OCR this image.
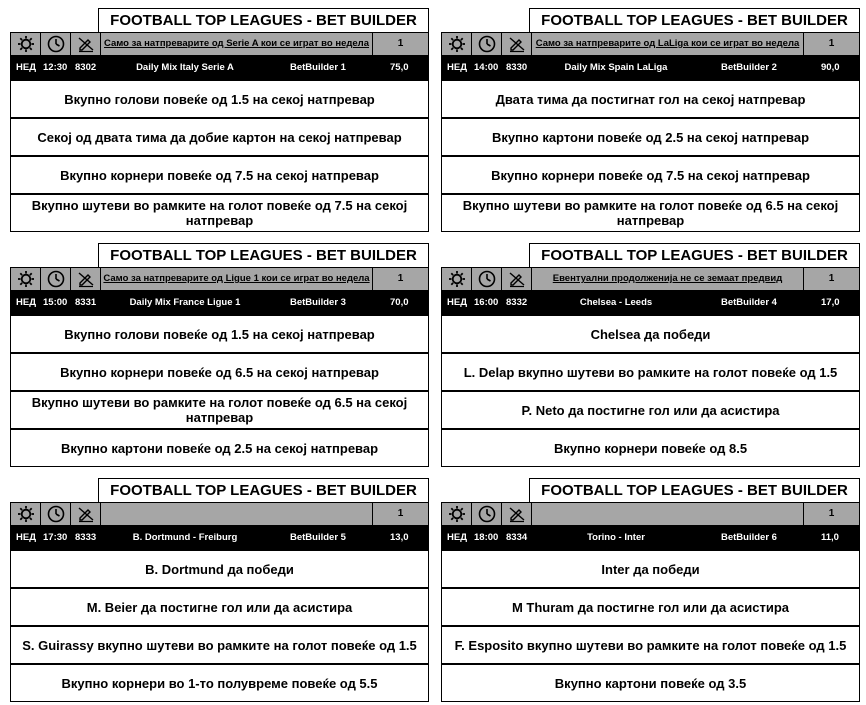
FOOTBALL TOP LEAGUES - BET BUILDER
Само за натпреварите од Serie A кои се играт во недела	1
НЕД 12:30 8302	Daily Mix Italy Serie A	BetBuilder 1	75,0
Вкупно голови повеќе од 1.5 на секој натпревар
Секој од двата тима да добие картон на секој натпревар
Вкупно корнери повеќе од 7.5 на секој натпревар
Вкупно шутеви во рамките на голот повеќе од 7.5 на секој натпревар
FOOTBALL TOP LEAGUES - BET BUILDER
Само за натпреварите од LaLiga кои се играт во недела	1
НЕД 14:00 8330	Daily Mix Spain LaLiga	BetBuilder 2	90,0
Двата тима да постигнат гол на секој натпревар
Вкупно картони повеќе од 2.5 на секој натпревар
Вкупно корнери повеќе од 7.5 на секој натпревар
Вкупно шутеви во рамките на голот повеќе од 6.5 на секој натпревар
FOOTBALL TOP LEAGUES - BET BUILDER
Само за натпреварите од Ligue 1 кои се играт во недела	1
НЕД 15:00 8331	Daily Mix France Ligue 1	BetBuilder 3	70,0
Вкупно голови повеќе од 1.5 на секој натпревар
Вкупно корнери повеќе од 6.5 на секој натпревар
Вкупно шутеви во рамките на голот повеќе од 6.5 на секој натпревар
Вкупно картони повеќе од 2.5 на секој натпревар
FOOTBALL TOP LEAGUES - BET BUILDER
Евентуални продолженија не се земаат предвид	1
НЕД 16:00 8332	Chelsea - Leeds	BetBuilder 4	17,0
Chelsea да победи
L. Delap вкупно шутеви во рамките на голот повеќе од 1.5
P. Neto да постигне гол или да асистира
Вкупно корнери повеќе од 8.5
FOOTBALL TOP LEAGUES - BET BUILDER
1
НЕД 17:30 8333	B. Dortmund - Freiburg	BetBuilder 5	13,0
B. Dortmund да победи
M. Beier да постигне гол или да асистира
S. Guirassy вкупно шутеви во рамките на голот повеќе од 1.5
Вкупно корнери во 1-то полувреме повеќе од 5.5
FOOTBALL TOP LEAGUES - BET BUILDER
1
НЕД 18:00 8334	Torino - Inter	BetBuilder 6	11,0
Inter да победи
M Thuram да постигне гол или да асистира
F. Esposito вкупно шутеви во рамките на голот повеќе од 1.5
Вкупно картони повеќе од 3.5
